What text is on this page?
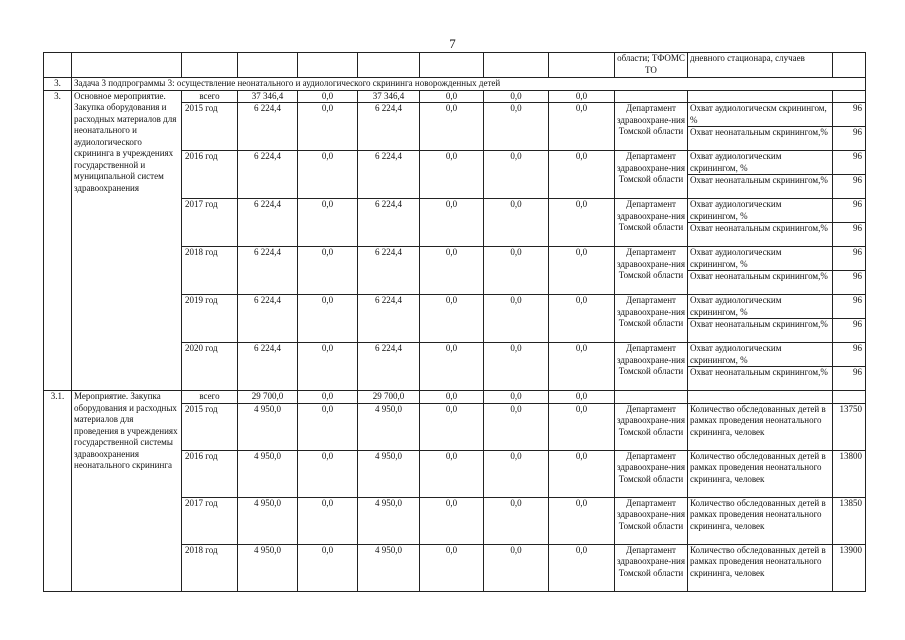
7
									области; ТФОМС ТО	дневного стационара, случаев	
3.	Задача 3 подпрограммы 3: осуществление неонатального и аудиологического скрининга новорожденных детей										
3.	Основное мероприятие. Закупка оборудования и расходных материалов для неонатального и аудиологического скрининга в учреждениях государственной и муниципальной систем здравоохранения	всего	37 346,4	0,0	37 346,4	0,0	0,0	0,0			
		2015 год	6 224,4	0,0	6 224,4	0,0	0,0	0,0	Департамент здравоохране-ния Томской области	Охват аудиологическм скринингом, %	96
										Охват неонатальным скринингом,%	96
		2016 год	6 224,4	0,0	6 224,4	0,0	0,0	0,0	Департамент здравоохране-ния Томской области	Охват аудиологическим скринингом, %	96
										Охват неонатальным скринингом,%	96
		2017 год	6 224,4	0,0	6 224,4	0,0	0,0	0,0	Департамент здравоохране-ния Томской области	Охват аудиологическим скринингом, %	96
										Охват неонатальным скринингом,%	96
		2018 год	6 224,4	0,0	6 224,4	0,0	0,0	0,0	Департамент здравоохране-ния Томской области	Охват аудиологическим скринингом, %	96
										Охват неонатальным скринингом,%	96
		2019 год	6 224,4	0,0	6 224,4	0,0	0,0	0,0	Департамент здравоохране-ния Томской области	Охват аудиологическим скринингом, %	96
										Охват неонатальным скринингом,%	96
		2020 год	6 224,4	0,0	6 224,4	0,0	0,0	0,0	Департамент здравоохране-ния Томской области	Охват аудиологическим скринингом, %	96
										Охват неонатальным скринингом,%	96
3.1.	Мероприятие. Закупка оборудования и расходных материалов для проведения в учреждениях государственной системы здравоохранения неонатального скрининга	всего	29 700,0	0,0	29 700,0	0,0	0,0	0,0			
		2015 год	4 950,0	0,0	4 950,0	0,0	0,0	0,0	Департамент здравоохране-ния Томской области	Количество обследованных детей в рамках проведения неонатального скрининга, человек	13750
		2016 год	4 950,0	0,0	4 950,0	0,0	0,0	0,0	Департамент здравоохране-ния Томской области	Количество обследованных детей в рамках проведения неонатального скрининга, человек	13800
		2017 год	4 950,0	0,0	4 950,0	0,0	0,0	0,0	Департамент здравоохране-ния Томской области	Количество обследованных детей в рамках проведения неонатального скрининга, человек	13850
		2018 год	4 950,0	0,0	4 950,0	0,0	0,0	0,0	Департамент здравоохране-ния Томской области	Количество обследованных детей в рамках проведения неонатального скрининга, человек	13900
